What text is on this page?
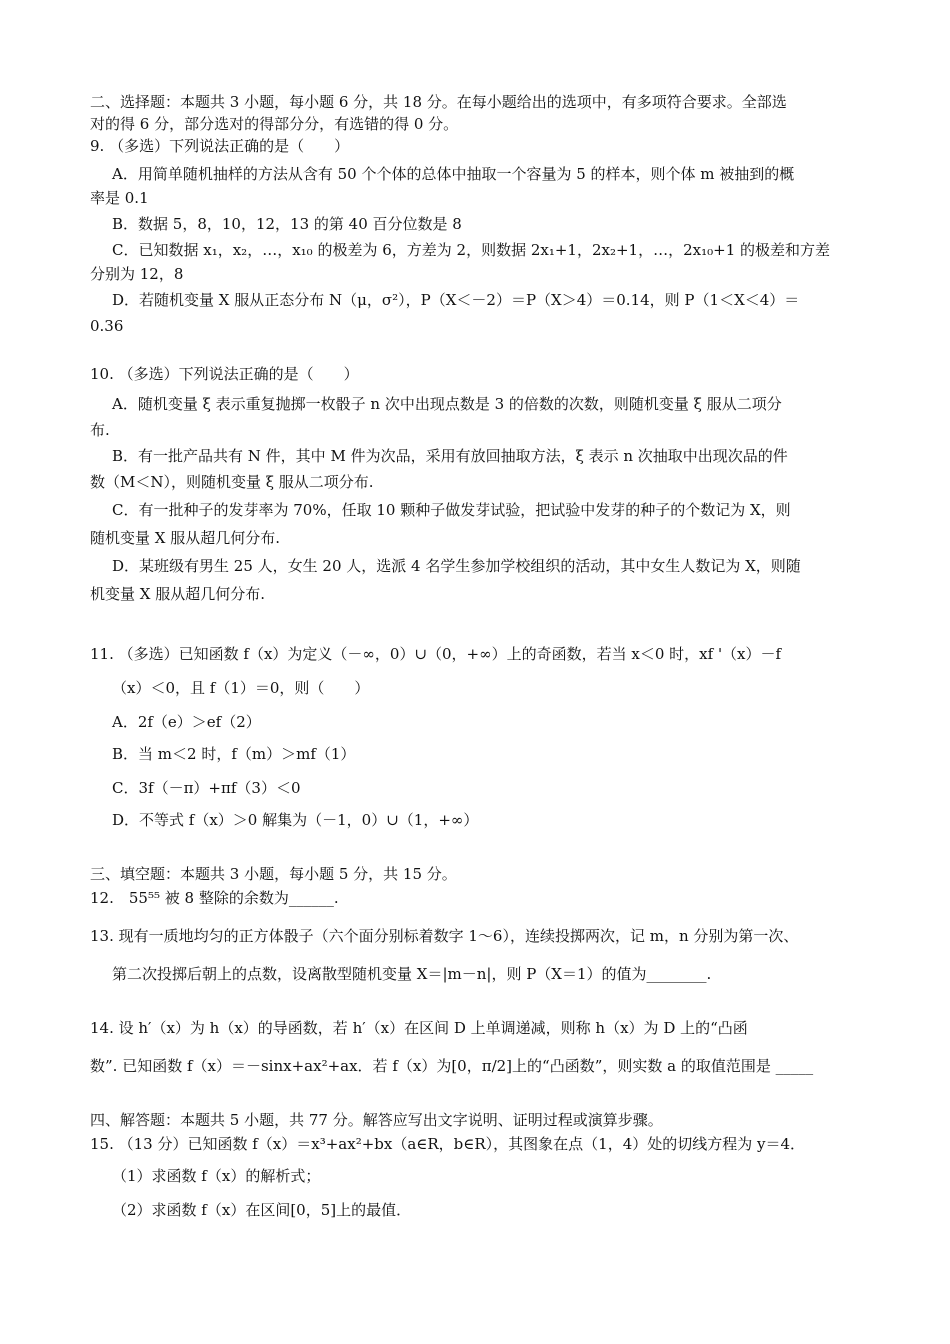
二、选择题：本题共 3 小题，每小题 6 分，共 18 分。在每小题给出的选项中，有多项符合要求。全部选
对的得 6 分，部分选对的得部分分，有选错的得 0 分。
9. （多选）下列说法正确的是（　　）
A．用简单随机抽样的方法从含有 50 个个体的总体中抽取一个容量为 5 的样本，则个体 m 被抽到的概
率是 0.1
B．数据 5，8，10，12，13 的第 40 百分位数是 8
C．已知数据 x₁，x₂，…，x₁₀ 的极差为 6，方差为 2，则数据 2x₁+1，2x₂+1，…，2x₁₀+1 的极差和方差
分别为 12，8
D．若随机变量 X 服从正态分布 N（μ，σ²），P（X＜－2）＝P（X＞4）＝0.14，则 P（1＜X＜4）＝
0.36
10. （多选）下列说法正确的是（　　）
A．随机变量 ξ 表示重复抛掷一枚骰子 n 次中出现点数是 3 的倍数的次数，则随机变量 ξ 服从二项分
布.
B．有一批产品共有 N 件，其中 M 件为次品，采用有放回抽取方法，ξ 表示 n 次抽取中出现次品的件
数（M＜N），则随机变量 ξ 服从二项分布.
C．有一批种子的发芽率为 70%，任取 10 颗种子做发芽试验，把试验中发芽的种子的个数记为 X，则
随机变量 X 服从超几何分布.
D．某班级有男生 25 人，女生 20 人，选派 4 名学生参加学校组织的活动，其中女生人数记为 X，则随
机变量 X 服从超几何分布.
11. （多选）已知函数 f（x）为定义（－∞，0）∪（0，+∞）上的奇函数，若当 x＜0 时，xf '（x）－f
（x）＜0，且 f（1）＝0，则（　　）
A．2f（e）＞ef（2）
B．当 m＜2 时，f（m）＞mf（1）
C．3f（－π）+πf（3）＜0
D．不等式 f（x）＞0 解集为（－1，0）∪（1，+∞）
三、填空题：本题共 3 小题，每小题 5 分，共 15 分。
12.　55⁵⁵ 被 8 整除的余数为______.
13. 现有一质地均匀的正方体骰子（六个面分别标着数字 1～6），连续投掷两次，记 m，n 分别为第一次、
第二次投掷后朝上的点数，设离散型随机变量 X＝|m－n|，则 P（X＝1）的值为________.
14. 设 h′（x）为 h（x）的导函数，若 h′（x）在区间 D 上单调递减，则称 h（x）为 D 上的“凸函
数”. 已知函数 f（x）＝－sinx+ax²+ax．若 f（x）为[0，π/2]上的“凸函数”，则实数 a 的取值范围是 _____
四、解答题：本题共 5 小题，共 77 分。解答应写出文字说明、证明过程或演算步骤。
15. （13 分）已知函数 f（x）＝x³+ax²+bx（a∈R，b∈R），其图象在点（1，4）处的切线方程为 y＝4．
（1）求函数 f（x）的解析式；
（2）求函数 f（x）在区间[0，5]上的最值．
